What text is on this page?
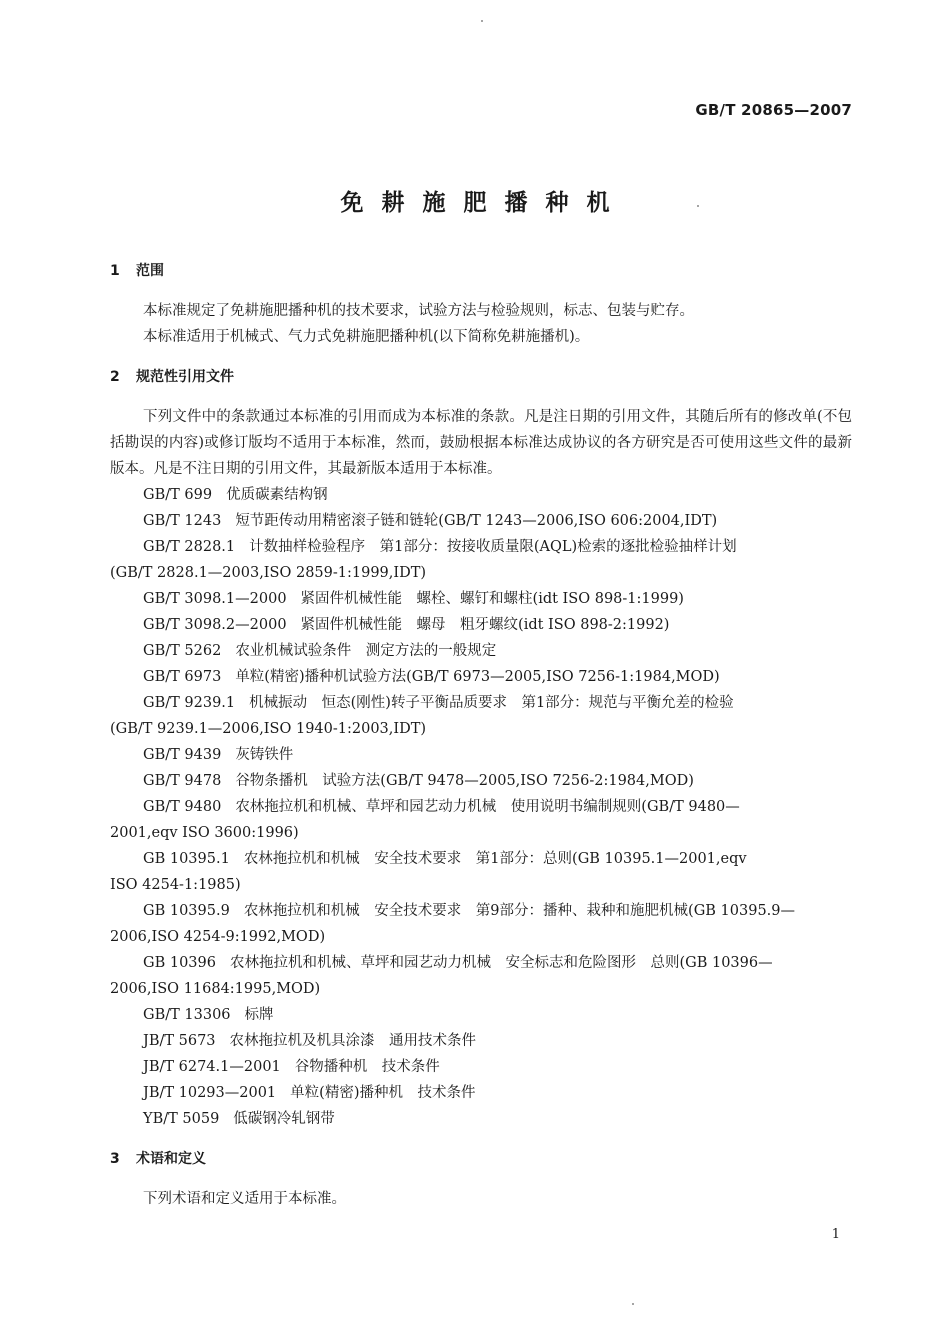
GB/T 20865—2007
免耕施肥播种机
1 范围
本标准规定了免耕施肥播种机的技术要求，试验方法与检验规则，标志、包装与贮存。
本标准适用于机械式、气力式免耕施肥播种机(以下简称免耕施播机)。
2 规范性引用文件
下列文件中的条款通过本标准的引用而成为本标准的条款。凡是注日期的引用文件，其随后所有的修改单(不包括勘误的内容)或修订版均不适用于本标准，然而，鼓励根据本标准达成协议的各方研究是否可使用这些文件的最新版本。凡是不注日期的引用文件，其最新版本适用于本标准。
GB/T 699 优质碳素结构钢
GB/T 1243 短节距传动用精密滚子链和链轮(GB/T 1243—2006,ISO 606:2004,IDT)
GB/T 2828.1 计数抽样检验程序　第1部分：按接收质量限(AQL)检索的逐批检验抽样计划
(GB/T 2828.1—2003,ISO 2859-1:1999,IDT)
GB/T 3098.1—2000 紧固件机械性能　螺栓、螺钉和螺柱(idt ISO 898-1:1999)
GB/T 3098.2—2000 紧固件机械性能　螺母　粗牙螺纹(idt ISO 898-2:1992)
GB/T 5262 农业机械试验条件　测定方法的一般规定
GB/T 6973 单粒(精密)播种机试验方法(GB/T 6973—2005,ISO 7256-1:1984,MOD)
GB/T 9239.1 机械振动　恒态(刚性)转子平衡品质要求　第1部分：规范与平衡允差的检验
(GB/T 9239.1—2006,ISO 1940-1:2003,IDT)
GB/T 9439 灰铸铁件
GB/T 9478 谷物条播机　试验方法(GB/T 9478—2005,ISO 7256-2:1984,MOD)
GB/T 9480 农林拖拉机和机械、草坪和园艺动力机械　使用说明书编制规则(GB/T 9480—
2001,eqv ISO 3600:1996)
GB 10395.1 农林拖拉机和机械　安全技术要求　第1部分：总则(GB 10395.1—2001,eqv
ISO 4254-1:1985)
GB 10395.9 农林拖拉机和机械　安全技术要求　第9部分：播种、栽种和施肥机械(GB 10395.9—
2006,ISO 4254-9:1992,MOD)
GB 10396 农林拖拉机和机械、草坪和园艺动力机械　安全标志和危险图形　总则(GB 10396—
2006,ISO 11684:1995,MOD)
GB/T 13306 标牌
JB/T 5673 农林拖拉机及机具涂漆　通用技术条件
JB/T 6274.1—2001 谷物播种机　技术条件
JB/T 10293—2001 单粒(精密)播种机　技术条件
YB/T 5059 低碳钢冷轧钢带
3 术语和定义
下列术语和定义适用于本标准。
1
